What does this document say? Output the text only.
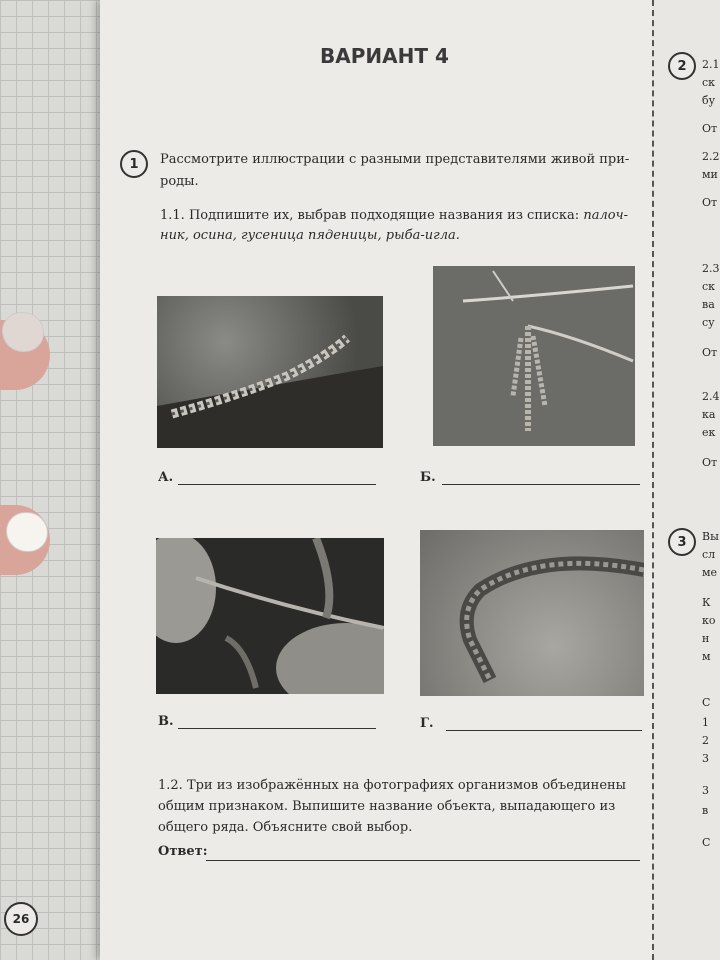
26
ВАРИАНТ 4
1	Рассмотрите иллюстрации с разными представителями живой при-
роды.
1.1. Подпишите их, выбрав подходящие названия из списка: палоч-
ник, осина, гусеница пяденицы, рыба-игла.
А.	Б.
В.	Г.
1.2. Три из изображённых на фотографиях организмов объединены
общим признаком. Выпишите название объекта, выпадающего из
общего ряда. Объясните свой выбор.
Ответ:
2
3
2.1
ск
бу
От
2.2
ми
От
2.3
ск
ва
су
От
2.4
ка
ек
От
Вы
сл
ме
К
ко
н
м
С
1
2
3
3
в
С
